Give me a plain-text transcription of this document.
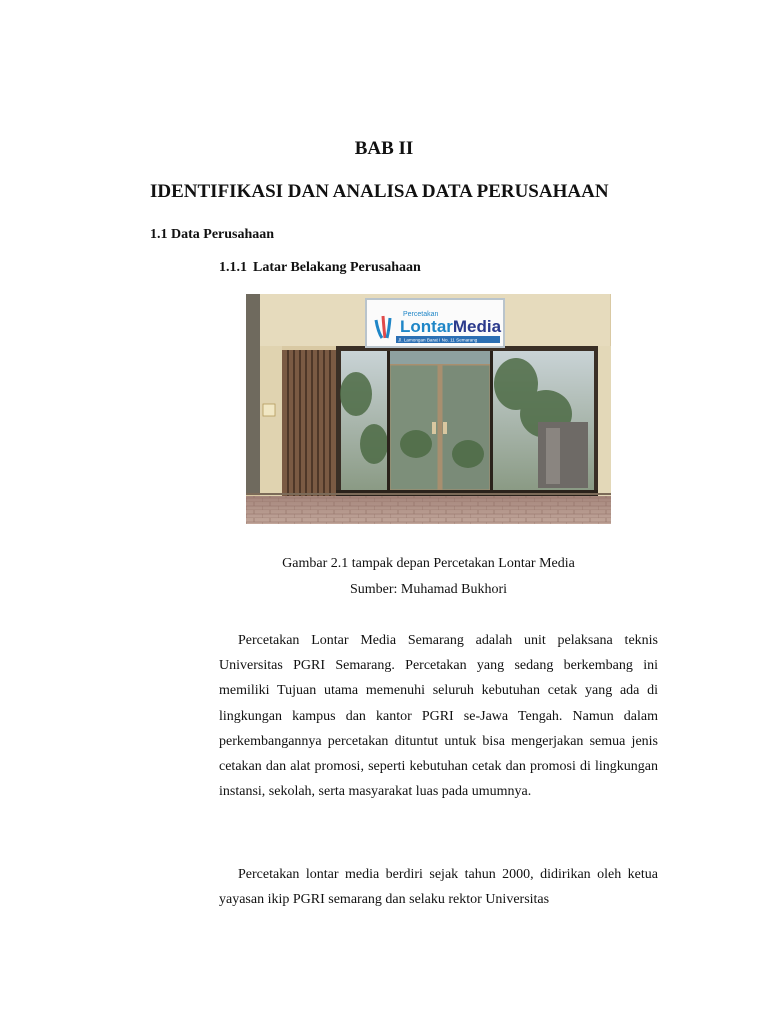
BAB II
IDENTIFIKASI DAN ANALISA DATA PERUSAHAAN
1.1 Data Perusahaan
1.1.1 Latar Belakang Perusahaan
Percetakan
LontarMedia
Jl. Lamongan Barat I No. 11 Semarang

Gambar 2.1 tampak depan Percetakan Lontar Media

Sumber: Muhamad Bukhori

Percetakan Lontar Media Semarang adalah unit pelaksana teknis Universitas PGRI Semarang. Percetakan yang sedang berkembang ini memiliki Tujuan utama memenuhi seluruh kebutuhan cetak yang ada di lingkungan kampus dan kantor PGRI se-Jawa Tengah. Namun dalam perkembangannya percetakan dituntut untuk bisa mengerjakan semua jenis cetakan dan alat promosi, seperti kebutuhan cetak dan promosi di lingkungan instansi, sekolah, serta masyarakat luas pada umumnya.

Percetakan lontar media berdiri sejak tahun 2000, didirikan oleh ketua yayasan ikip PGRI semarang dan selaku rektor Universitas
